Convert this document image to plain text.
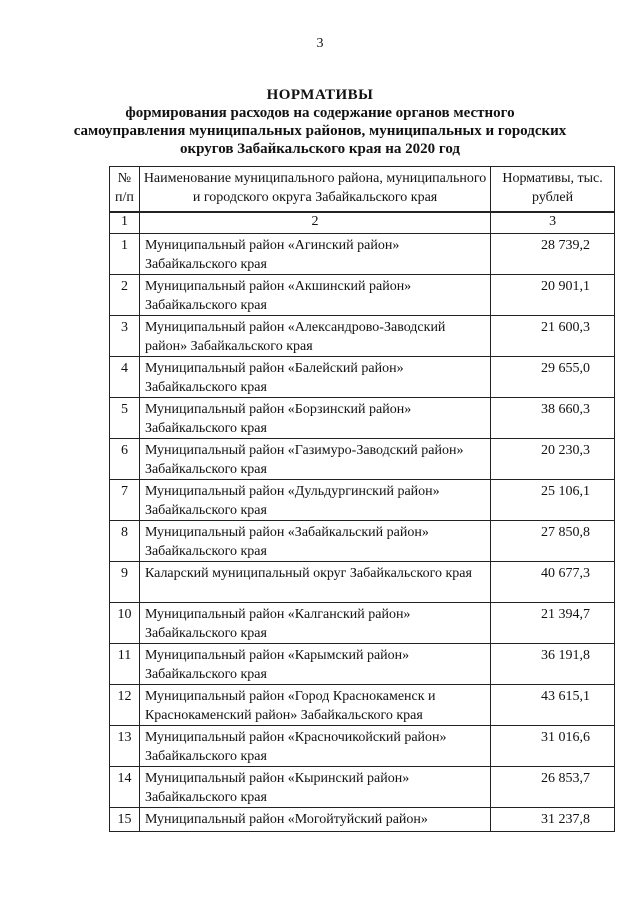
3
НОРМАТИВЫ
формирования расходов на содержание органов местного
самоуправления муниципальных районов, муниципальных и городских
округов Забайкальского края на 2020 год
№ п/п	Наименование муниципального района, муниципального и городского округа Забайкальского края	Нормативы, тыс. рублей
1	2	3
1	Муниципальный район «Агинский район» Забайкальского края	28 739,2
2	Муниципальный район «Акшинский район» Забайкальского края	20 901,1
3	Муниципальный район «Александрово-Заводский район» Забайкальского края	21 600,3
4	Муниципальный район «Балейский район» Забайкальского края	29 655,0
5	Муниципальный район «Борзинский район» Забайкальского края	38 660,3
6	Муниципальный район «Газимуро-Заводский район» Забайкальского края	20 230,3
7	Муниципальный район «Дульдургинский район» Забайкальского края	25 106,1
8	Муниципальный район «Забайкальский район» Забайкальского края	27 850,8
9	Каларский муниципальный округ Забайкальского края	40 677,3
10	Муниципальный район «Калганский район» Забайкальского края	21 394,7
11	Муниципальный район «Карымский район» Забайкальского края	36 191,8
12	Муниципальный район «Город Краснокаменск и Краснокаменский район» Забайкальского края	43 615,1
13	Муниципальный район «Красночикойский район» Забайкальского края	31 016,6
14	Муниципальный район «Кыринский район» Забайкальского края	26 853,7
15	Муниципальный район «Могойтуйский район»	31 237,8
